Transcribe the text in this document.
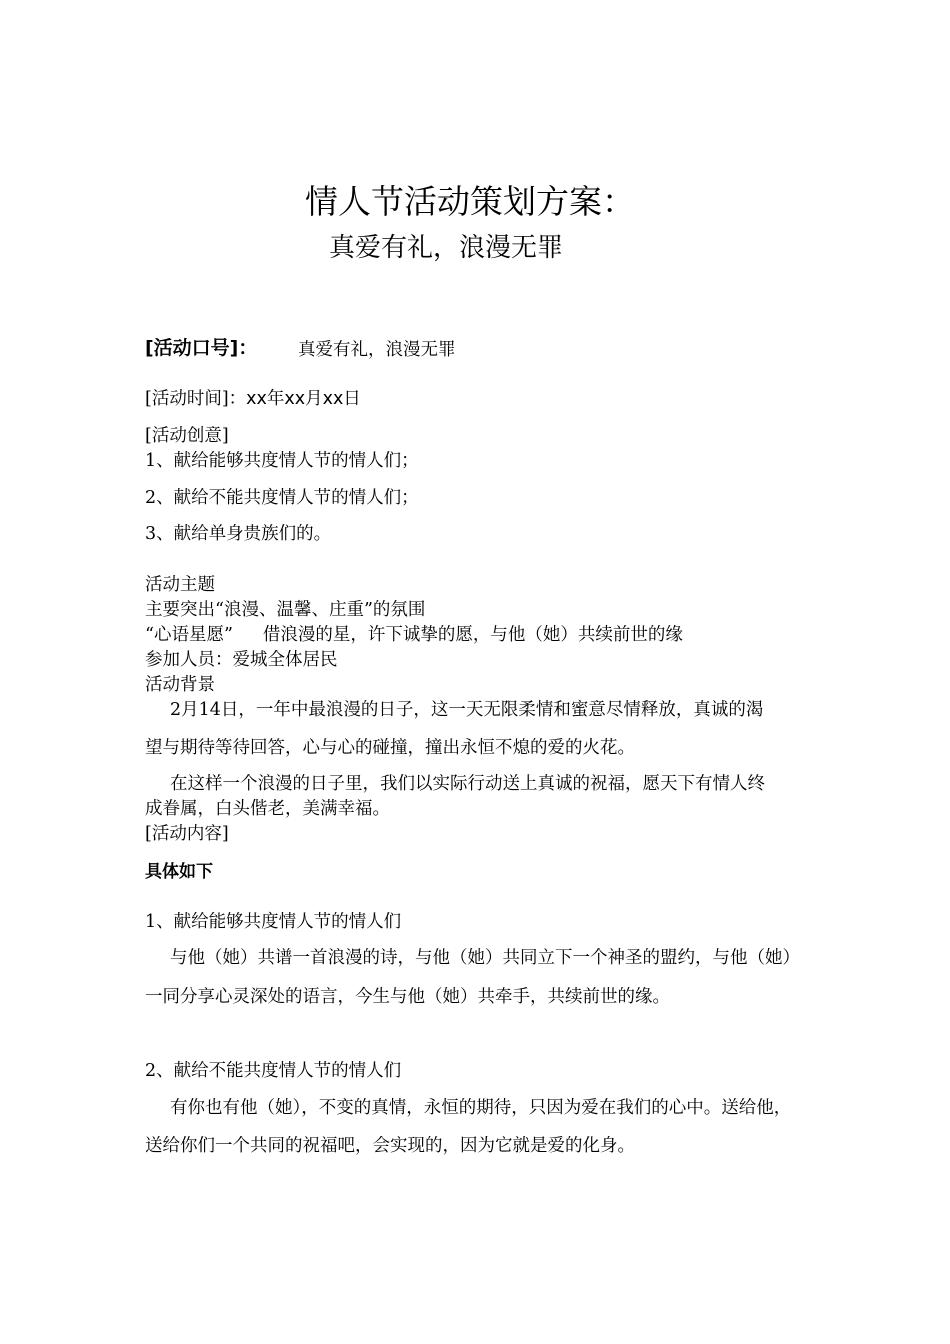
情人节活动策划方案：
真爱有礼，浪漫无罪
[活动口号]： 真爱有礼，浪漫无罪
[活动时间]：xx年xx月xx日
[活动创意]
1、献给能够共度情人节的情人们；
2、献给不能共度情人节的情人们；
3、献给单身贵族们的。
活动主题
主要突出“浪漫、温馨、庄重”的氛围
“心语星愿” 借浪漫的星，许下诚挚的愿，与他（她）共续前世的缘
参加人员：爱城全体居民
活动背景
2月14日，一年中最浪漫的日子，这一天无限柔情和蜜意尽情释放，真诚的渴
望与期待等待回答，心与心的碰撞，撞出永恒不熄的爱的火花。
在这样一个浪漫的日子里，我们以实际行动送上真诚的祝福，愿天下有情人终
成眷属，白头偕老，美满幸福。
[活动内容]
具体如下
1、献给能够共度情人节的情人们
与他（她）共谱一首浪漫的诗，与他（她）共同立下一个神圣的盟约，与他（她）
一同分享心灵深处的语言，今生与他（她）共牵手，共续前世的缘。
2、献给不能共度情人节的情人们
有你也有他（她），不变的真情，永恒的期待，只因为爱在我们的心中。送给他，
送给你们一个共同的祝福吧，会实现的，因为它就是爱的化身。
